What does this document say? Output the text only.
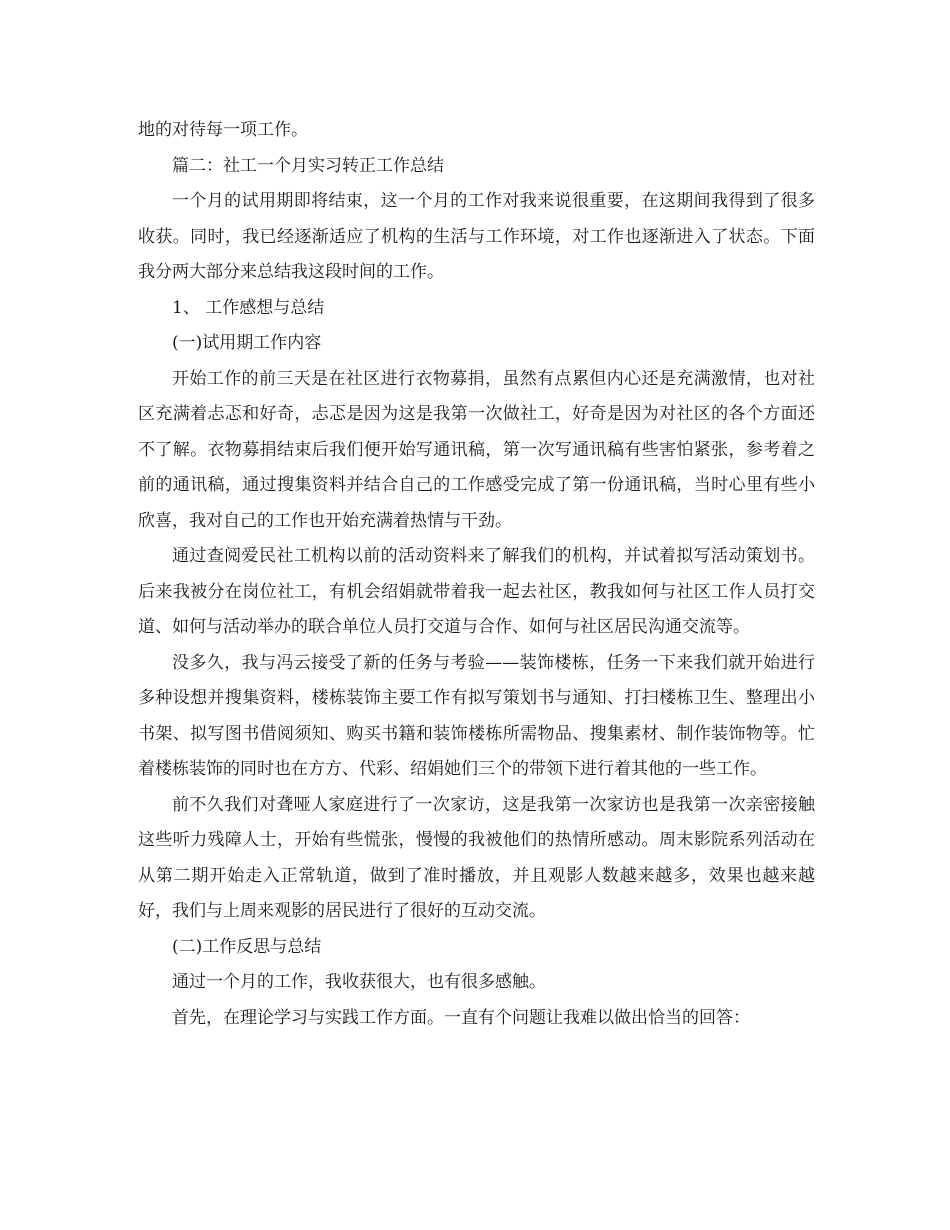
地的对待每一项工作。

篇二：社工一个月实习转正工作总结

一个月的试用期即将结束，这一个月的工作对我来说很重要，在这期间我得到了很多收获。同时，我已经逐渐适应了机构的生活与工作环境，对工作也逐渐进入了状态。下面我分两大部分来总结我这段时间的工作。

1、 工作感想与总结

(一)试用期工作内容

开始工作的前三天是在社区进行衣物募捐，虽然有点累但内心还是充满激情，也对社区充满着忐忑和好奇，忐忑是因为这是我第一次做社工，好奇是因为对社区的各个方面还不了解。衣物募捐结束后我们便开始写通讯稿，第一次写通讯稿有些害怕紧张，参考着之前的通讯稿，通过搜集资料并结合自己的工作感受完成了第一份通讯稿，当时心里有些小欣喜，我对自己的工作也开始充满着热情与干劲。

通过查阅爱民社工机构以前的活动资料来了解我们的机构，并试着拟写活动策划书。后来我被分在岗位社工，有机会绍娟就带着我一起去社区，教我如何与社区工作人员打交道、如何与活动举办的联合单位人员打交道与合作、如何与社区居民沟通交流等。

没多久，我与冯云接受了新的任务与考验——装饰楼栋，任务一下来我们就开始进行多种设想并搜集资料，楼栋装饰主要工作有拟写策划书与通知、打扫楼栋卫生、整理出小书架、拟写图书借阅须知、购买书籍和装饰楼栋所需物品、搜集素材、制作装饰物等。忙着楼栋装饰的同时也在方方、代彩、绍娟她们三个的带领下进行着其他的一些工作。

前不久我们对聋哑人家庭进行了一次家访，这是我第一次家访也是我第一次亲密接触这些听力残障人士，开始有些慌张，慢慢的我被他们的热情所感动。周末影院系列活动在从第二期开始走入正常轨道，做到了准时播放，并且观影人数越来越多，效果也越来越好，我们与上周来观影的居民进行了很好的互动交流。

(二)工作反思与总结

通过一个月的工作，我收获很大，也有很多感触。

首先，在理论学习与实践工作方面。一直有个问题让我难以做出恰当的回答：
